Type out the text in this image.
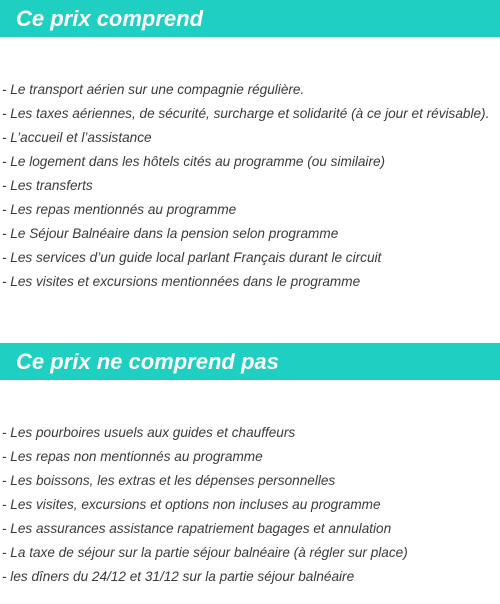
Ce prix comprend
- Le transport aérien sur une compagnie régulière.
- Les taxes aériennes, de sécurité, surcharge et solidarité (à ce jour et révisable).
- L’accueil et l’assistance
- Le logement dans les hôtels cités au programme (ou similaire)
- Les transferts
- Les repas mentionnés au programme
- Le Séjour Balnéaire dans la pension selon programme
- Les services d’un guide local parlant Français durant le circuit
- Les visites et excursions mentionnées dans le programme
Ce prix ne comprend pas
- Les pourboires usuels aux guides et chauffeurs
- Les repas non mentionnés au programme
- Les boissons, les extras et les dépenses personnelles
- Les visites, excursions et options non incluses au programme
- Les assurances assistance rapatriement bagages et annulation
- La taxe de séjour sur la partie séjour balnéaire (à régler sur place)
- les dîners du 24/12 et 31/12 sur la partie séjour balnéaire
